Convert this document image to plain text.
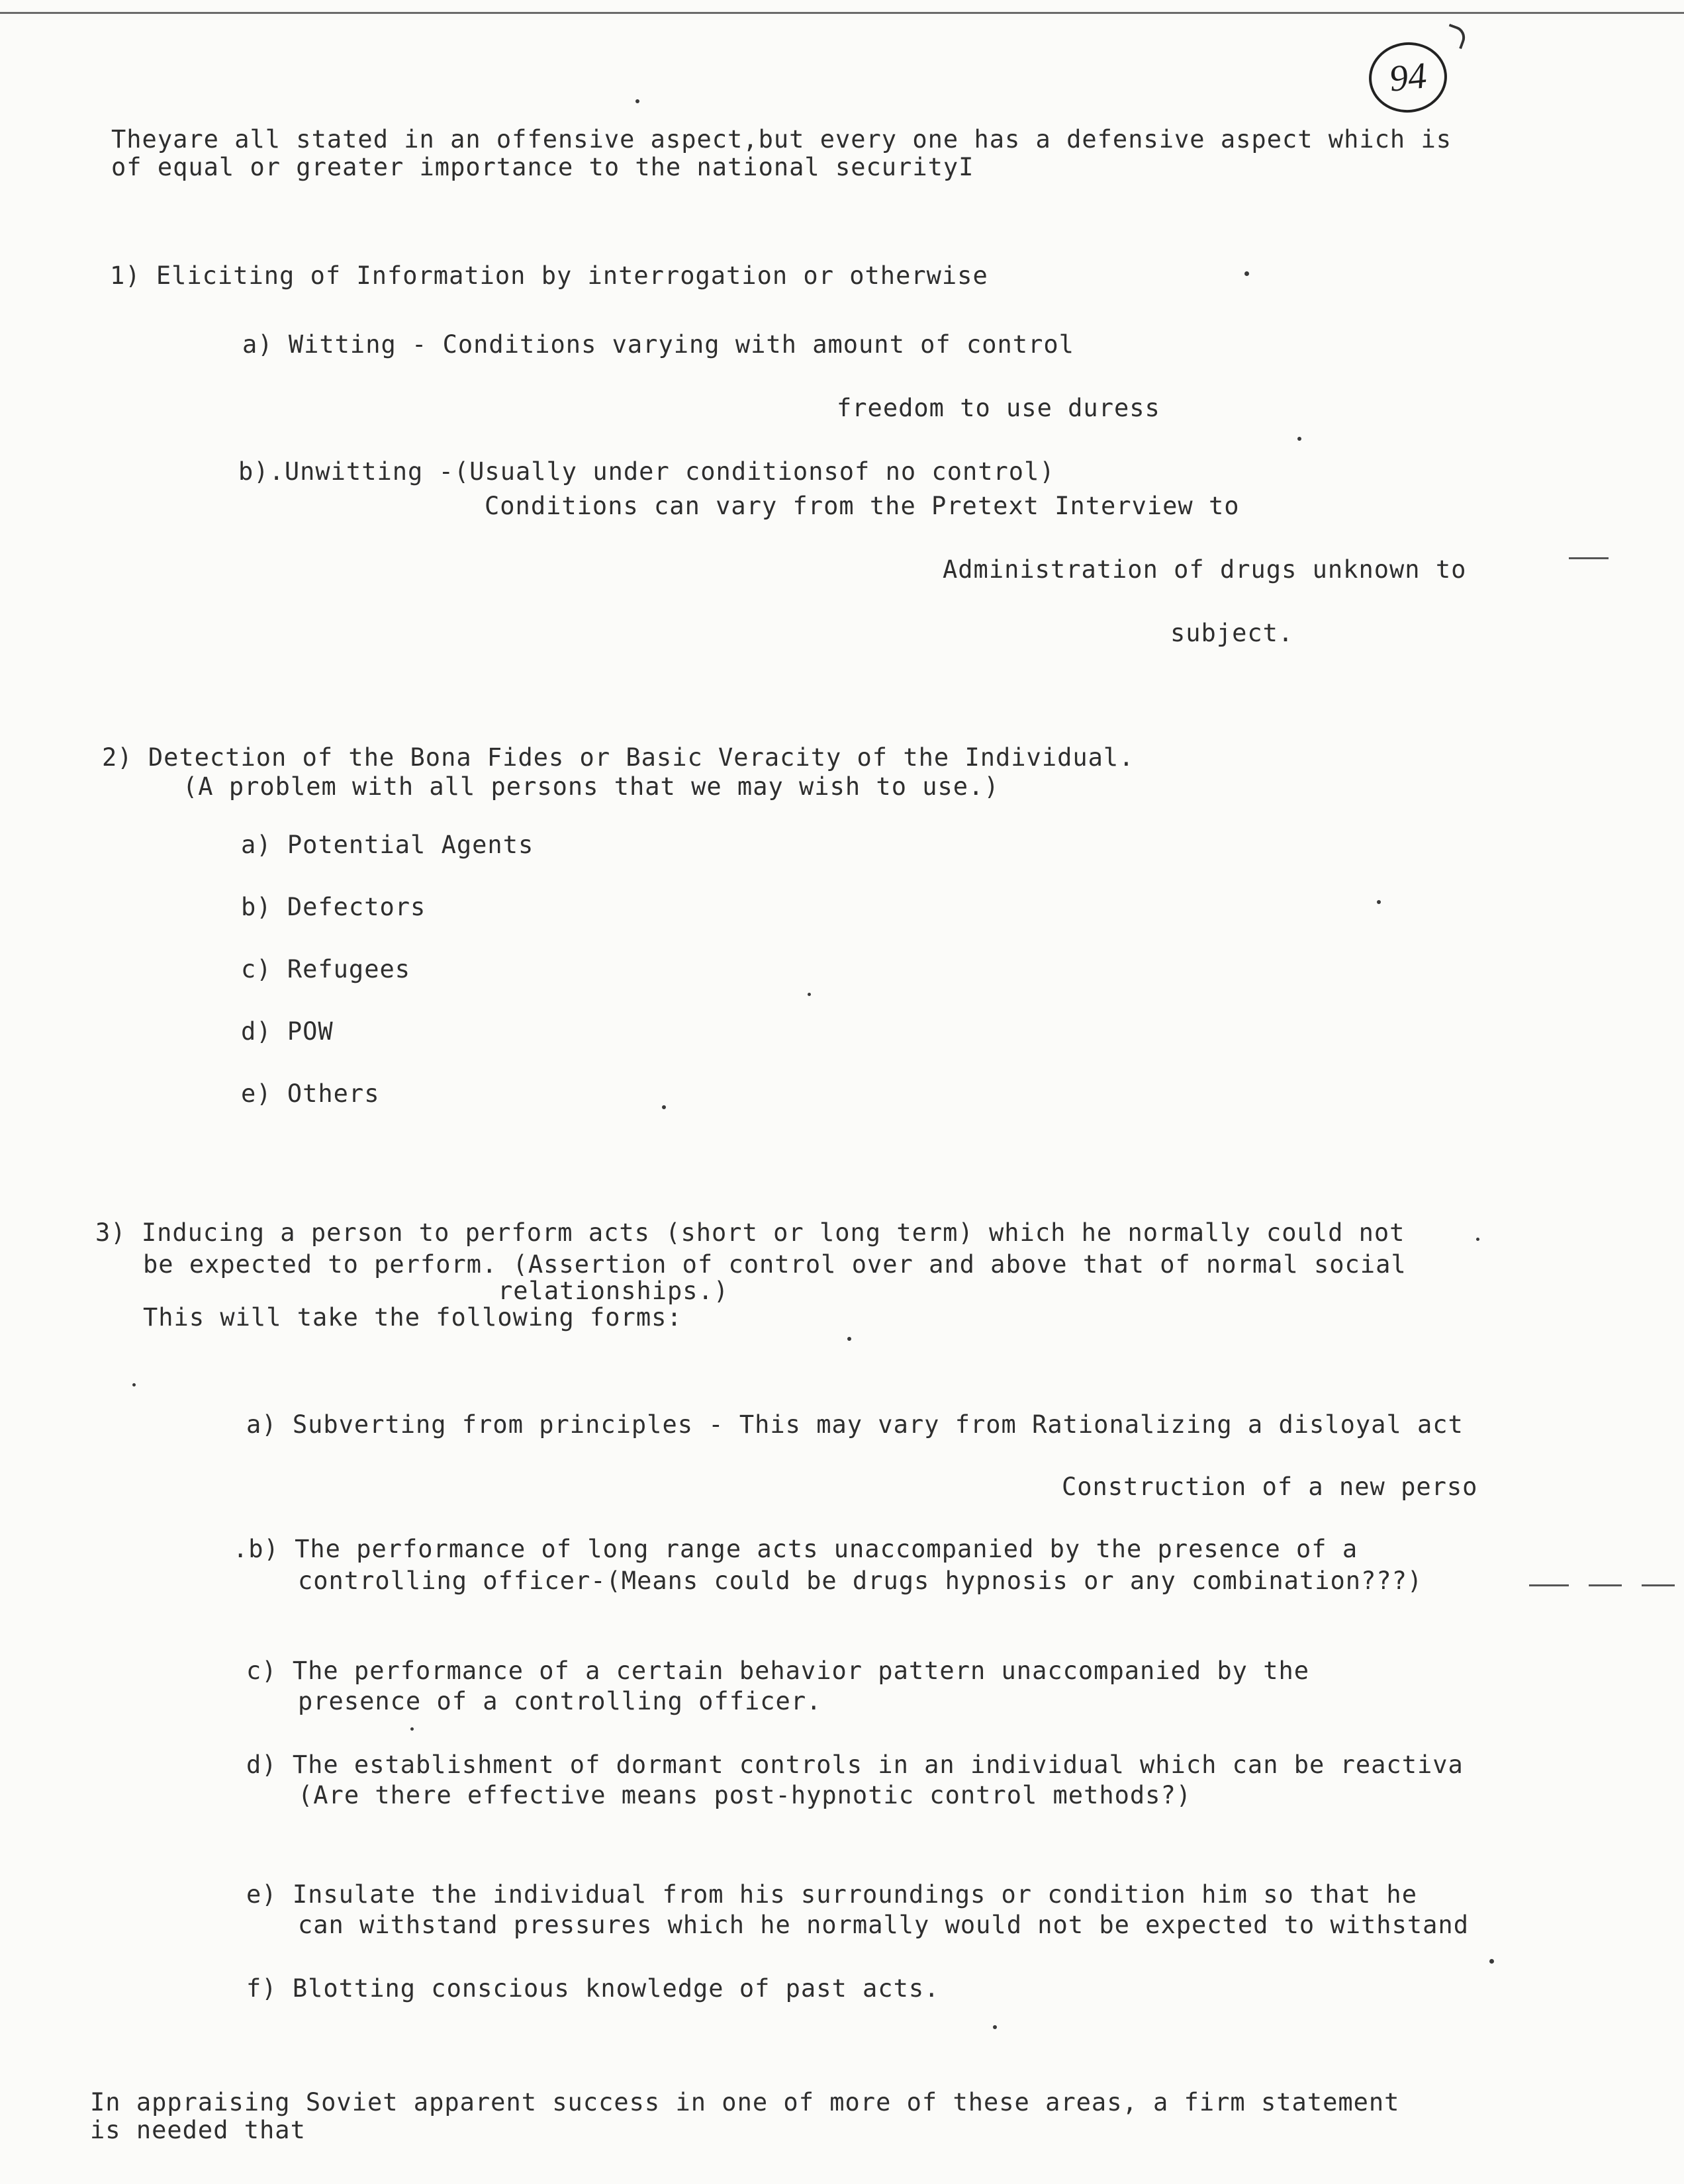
94
Theyare all stated in an offensive aspect,but every one has a defensive aspect which is
of equal or greater importance to the national securityI
1) Eliciting of Information by interrogation or otherwise
a) Witting - Conditions varying with amount of control
freedom to use duress
b).Unwitting -(Usually under conditionsof no control)
Conditions can vary from the Pretext Interview to
Administration of drugs unknown to
subject.
2) Detection of the Bona Fides or Basic Veracity of the Individual.
(A problem with all persons that we may wish to use.)
a) Potential Agents
b) Defectors
c) Refugees
d) POW
e) Others
3) Inducing a person to perform acts (short or long term) which he normally could not
be expected to perform. (Assertion of control over and above that of normal social
relationships.)
This will take the following forms:
a) Subverting from principles - This may vary from Rationalizing a disloyal act
Construction of a new perso
.b) The performance of long range acts unaccompanied by the presence of a
controlling officer-(Means could be drugs hypnosis or any combination???)
c) The performance of a certain behavior pattern unaccompanied by the
presence of a controlling officer.
d) The establishment of dormant controls in an individual which can be reactiva
(Are there effective means post-hypnotic control methods?)
e) Insulate the individual from his surroundings or condition him so that he
can withstand pressures which he normally would not be expected to withstand
f) Blotting conscious knowledge of past acts.
In appraising Soviet apparent success in one of more of these areas, a firm statement
is needed that
